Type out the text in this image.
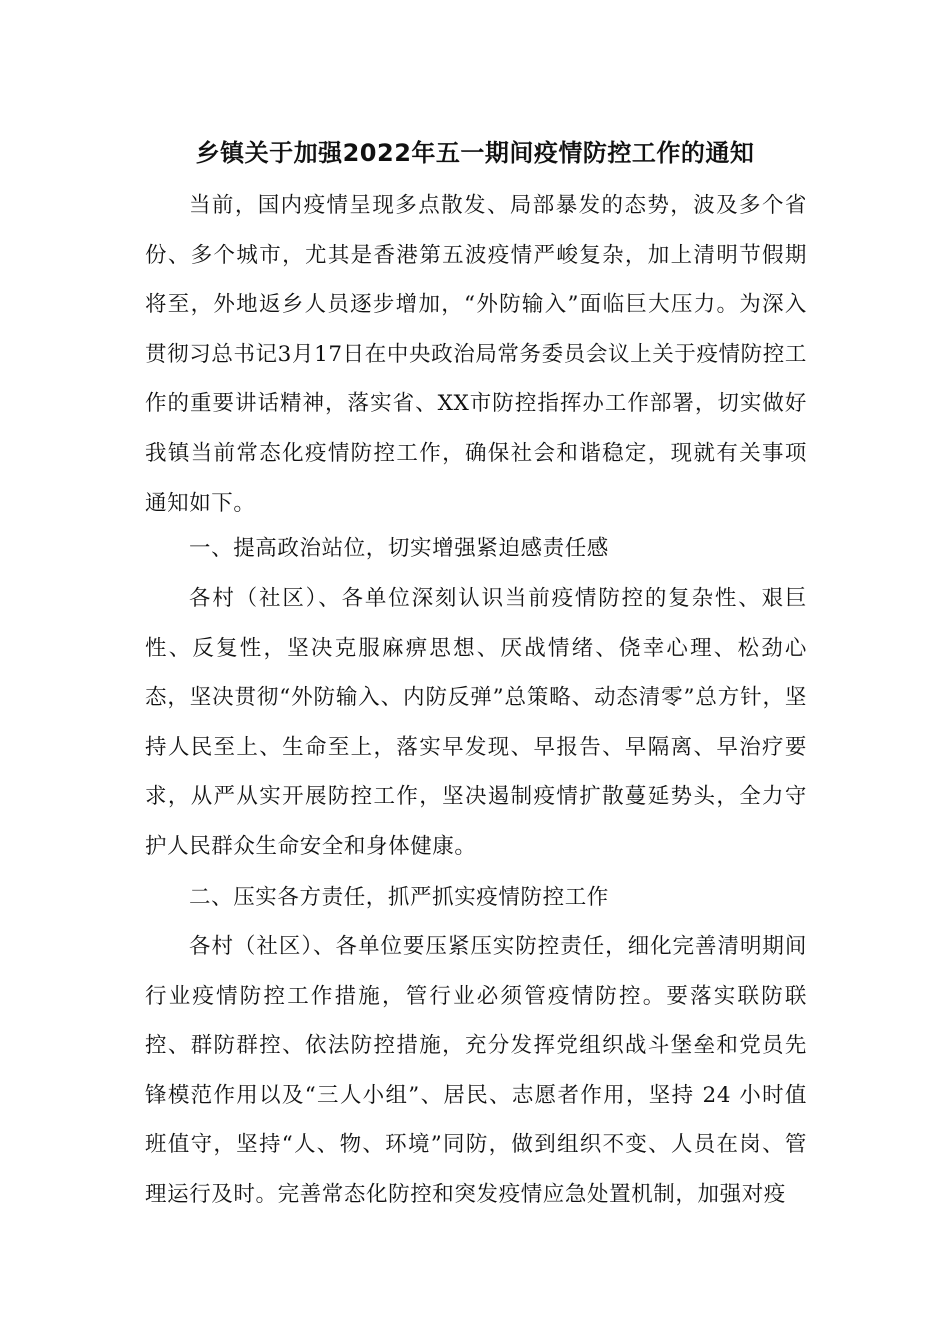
乡镇关于加强2022年五一期间疫情防控工作的通知

当前，国内疫情呈现多点散发、局部暴发的态势，波及多个省份、多个城市，尤其是香港第五波疫情严峻复杂，加上清明节假期将至，外地返乡人员逐步增加，“外防输入”面临巨大压力。为深入贯彻习总书记3月17日在中央政治局常务委员会议上关于疫情防控工作的重要讲话精神，落实省、XX市防控指挥办工作部署，切实做好我镇当前常态化疫情防控工作，确保社会和谐稳定，现就有关事项通知如下。

一、提高政治站位，切实增强紧迫感责任感

各村（社区）、各单位深刻认识当前疫情防控的复杂性、艰巨性、反复性，坚决克服麻痹思想、厌战情绪、侥幸心理、松劲心态，坚决贯彻“外防输入、内防反弹”总策略、动态清零”总方针，坚持人民至上、生命至上，落实早发现、早报告、早隔离、早治疗要求，从严从实开展防控工作，坚决遏制疫情扩散蔓延势头，全力守护人民群众生命安全和身体健康。

二、压实各方责任，抓严抓实疫情防控工作

各村（社区）、各单位要压紧压实防控责任，细化完善清明期间行业疫情防控工作措施，管行业必须管疫情防控。要落实联防联控、群防群控、依法防控措施，充分发挥党组织战斗堡垒和党员先锋模范作用以及“三人小组”、居民、志愿者作用，坚持 24 小时值班值守，坚持“人、物、环境”同防，做到组织不变、人员在岗、管理运行及时。完善常态化防控和突发疫情应急处置机制，加强对疫
